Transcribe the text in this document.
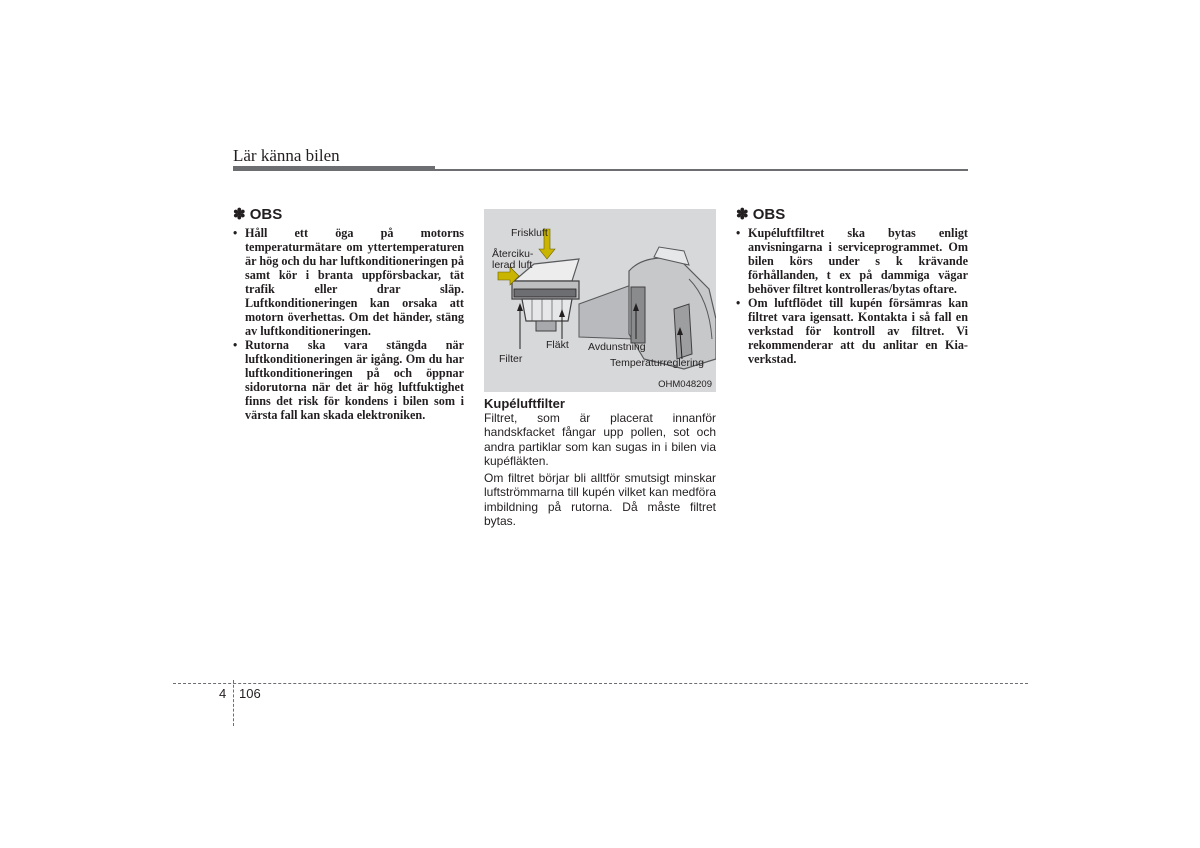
Lär känna bilen
✽ OBS
• Håll ett öga på motorns temperaturmätare om yttertemperaturen är hög och du har luftkonditioneringen på samt kör i branta uppförsbackar, tät trafik eller drar släp. Luftkonditioneringen kan orsaka att motorn överhettas. Om det händer, stäng av luftkonditioneringen.
• Rutorna ska vara stängda när luftkonditioneringen är igång. Om du har luftkonditioneringen på och öppnar sidorutorna när det är hög luftfuktighet finns det risk för kondens i bilen som i värsta fall kan skada elektroniken.
Friskluft
Återciku-
lerad luft
Filter
Fläkt Avdunstning
Temperaturreglering
OHM048209
Kupéluftfilter

Filtret, som är placerat innanför handskfacket fångar upp pollen, sot och andra partiklar som kan sugas in i bilen via kupéfläkten.

Om filtret börjar bli alltför smutsigt minskar luftströmmarna till kupén vilket kan medföra imbildning på rutorna. Då måste filtret bytas.

✽ OBS
• Kupéluftfiltret ska bytas enligt anvisningarna i serviceprogrammet. Om bilen körs under s k krävande förhållanden, t ex på dammiga vägar behöver filtret kontrolleras/bytas oftare.
• Om luftflödet till kupén försämras kan filtret vara igensatt. Kontakta i så fall en verkstad för kontroll av filtret. Vi rekommenderar att du anlitar en Kia-verkstad.
4 106
